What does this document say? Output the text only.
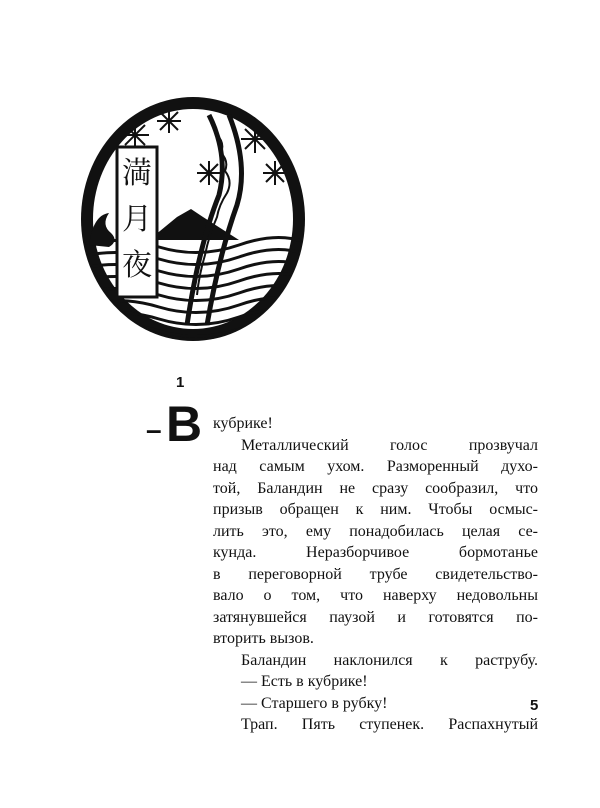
満
月
夜
1
– В кубрике!
Металлический голос прозвучал
над самым ухом. Разморенный духо-
той, Баландин не сразу сообразил, что
призыв обращен к ним. Чтобы осмыс-
лить это, ему понадобилась целая се-
кунда. Неразборчивое бормотанье
в переговорной трубе свидетельство-
вало о том, что наверху недовольны
затянувшейся паузой и готовятся по-
вторить вызов.
Баландин наклонился к раструбу.
— Есть в кубрике!
— Старшего в рубку!
Трап. Пять ступенек. Распахнутый
5
